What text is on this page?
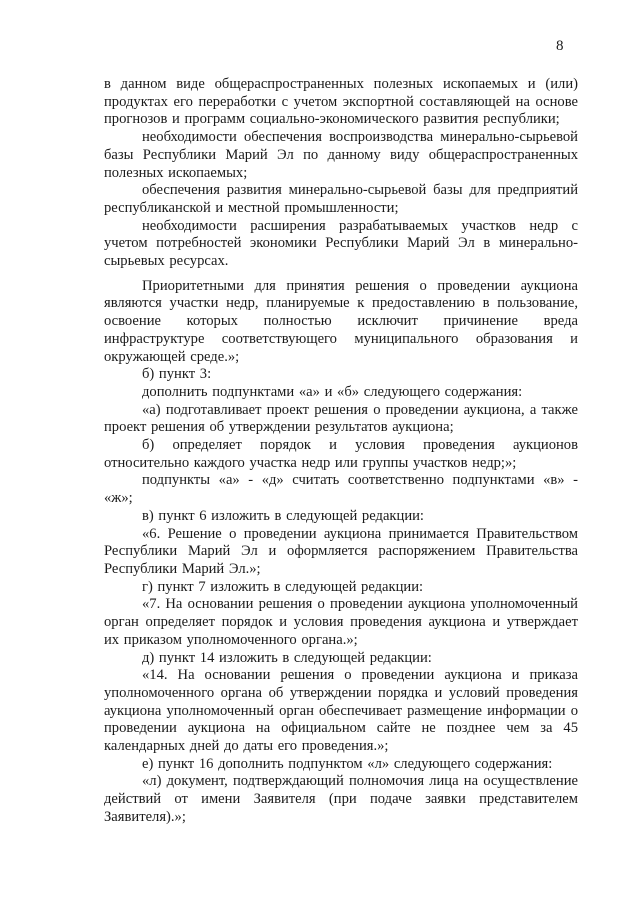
8

в данном виде общераспространенных полезных ископаемых и (или) продуктах его переработки с учетом экспортной составляющей на основе прогнозов и программ социально-экономического развития республики;

необходимости обеспечения воспроизводства минерально-сырьевой базы Республики Марий Эл по данному виду общераспространенных полезных ископаемых;

обеспечения развития минерально-сырьевой базы для предприятий республиканской и местной промышленности;

необходимости расширения разрабатываемых участков недр с учетом потребностей экономики Республики Марий Эл в минерально-сырьевых ресурсах.

Приоритетными для принятия решения о проведении аукциона являются участки недр, планируемые к предоставлению в пользование, освоение которых полностью исключит причинение вреда инфраструктуре соответствующего муниципального образования и окружающей среде.»;

б) пункт 3:

дополнить подпунктами «а» и «б» следующего содержания:

«а) подготавливает проект решения о проведении аукциона, а также проект решения об утверждении результатов аукциона;

б) определяет порядок и условия проведения аукционов относительно каждого участка недр или группы участков недр;»;

подпункты «а» - «д» считать соответственно подпунктами «в» - «ж»;

в) пункт 6 изложить в следующей редакции:

«6. Решение о проведении аукциона принимается Правительством Республики Марий Эл и оформляется распоряжением Правительства Республики Марий Эл.»;

г) пункт 7 изложить в следующей редакции:

«7. На основании решения о проведении аукциона уполномоченный орган определяет порядок и условия проведения аукциона и утверждает их приказом уполномоченного органа.»;

д) пункт 14 изложить в следующей редакции:

«14. На основании решения о проведении аукциона и приказа уполномоченного органа об утверждении порядка и условий проведения аукциона уполномоченный орган обеспечивает размещение информации о проведении аукциона на официальном сайте не позднее чем за 45 календарных дней до даты его проведения.»;

е) пункт 16 дополнить подпунктом «л» следующего содержания:

«л) документ, подтверждающий полномочия лица на осуществление действий от имени Заявителя (при подаче заявки представителем Заявителя).»;
